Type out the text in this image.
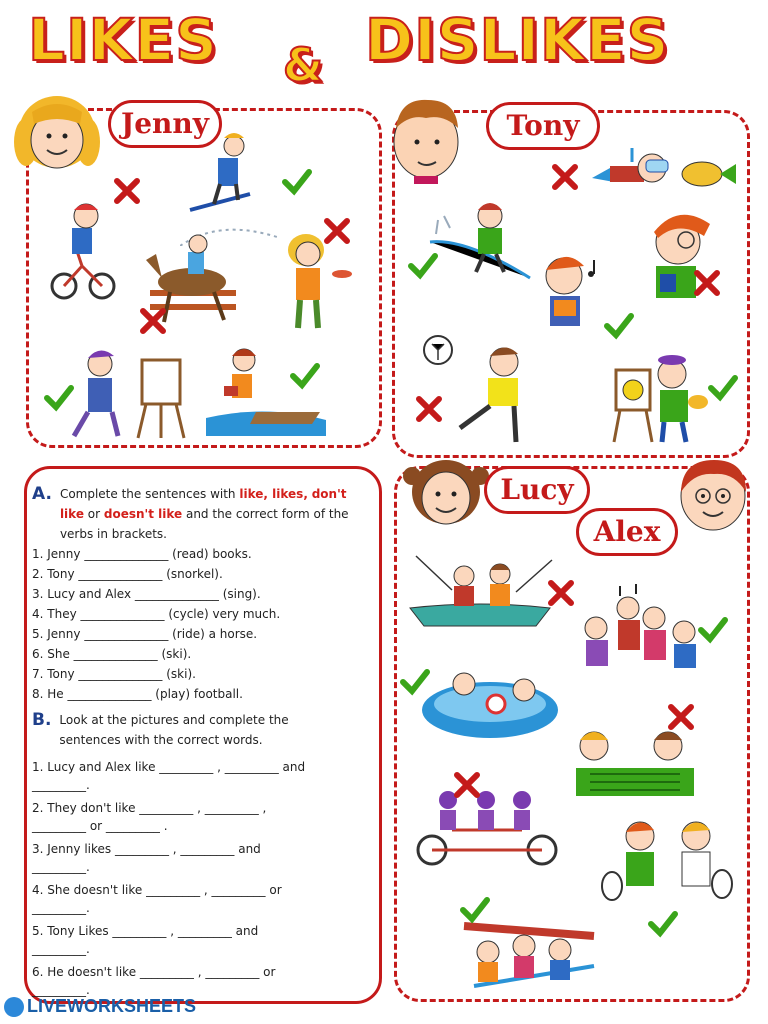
LIKES & DISLIKES
Jenny	Tony
Lucy
Alex
A. Complete the sentences with like, likes, don't like or doesn't like and the correct form of the verbs in brackets.

1. Jenny ______________ (read) books.

2. Tony ______________ (snorkel).

3. Lucy and Alex ______________ (sing).

4. They ______________ (cycle) very much.

5. Jenny ______________ (ride) a horse.

6. She ______________ (ski).

7. Tony ______________ (ski).

8. He ______________ (play) football.

B. Look at the pictures and complete the sentences with the correct words.

1. Lucy and Alex like _________ , _________ and

_________.

2. They don't like _________ , _________ ,

_________ or _________ .

3. Jenny likes _________ , _________ and

_________.

4. She doesn't like _________ , _________ or

_________.

5. Tony Likes _________ , _________ and

_________.

6. He doesn't like _________ , _________ or

_________.

LIVEWORKSHEETS
